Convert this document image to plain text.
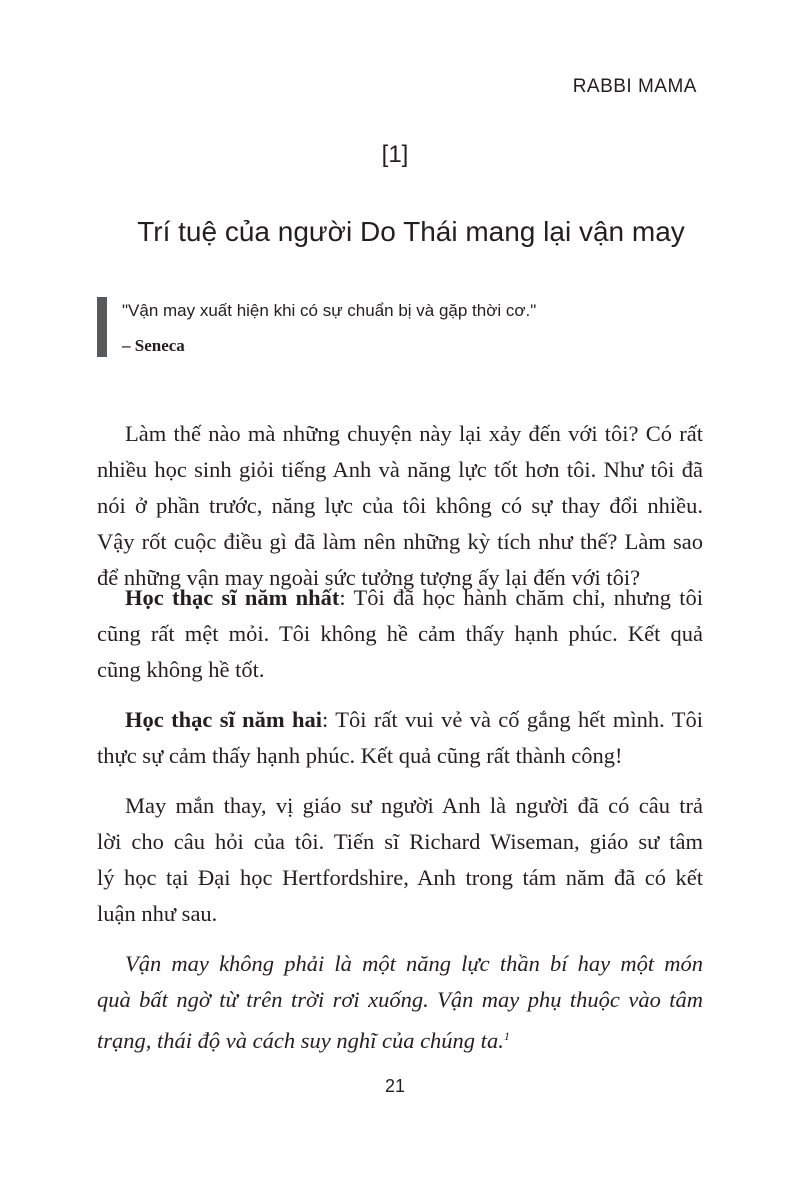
RABBI MAMA
[1]
Trí tuệ của người Do Thái mang lại vận may
"Vận may xuất hiện khi có sự chuẩn bị và gặp thời cơ."
– Seneca
Làm thế nào mà những chuyện này lại xảy đến với tôi? Có rất
nhiều học sinh giỏi tiếng Anh và năng lực tốt hơn tôi. Như tôi đã
nói ở phần trước, năng lực của tôi không có sự thay đổi nhiều.
Vậy rốt cuộc điều gì đã làm nên những kỳ tích như thế? Làm sao
để những vận may ngoài sức tưởng tượng ấy lại đến với tôi?
Học thạc sĩ năm nhất: Tôi đã học hành chăm chỉ, nhưng tôi
cũng rất mệt mỏi. Tôi không hề cảm thấy hạnh phúc. Kết quả
cũng không hề tốt.
Học thạc sĩ năm hai: Tôi rất vui vẻ và cố gắng hết mình. Tôi
thực sự cảm thấy hạnh phúc. Kết quả cũng rất thành công!
May mắn thay, vị giáo sư người Anh là người đã có câu trả
lời cho câu hỏi của tôi. Tiến sĩ Richard Wiseman, giáo sư tâm
lý học tại Đại học Hertfordshire, Anh trong tám năm đã có kết
luận như sau.
Vận may không phải là một năng lực thần bí hay một món
quà bất ngờ từ trên trời rơi xuống. Vận may phụ thuộc vào tâm
trạng, thái độ và cách suy nghĩ của chúng ta.$^1$
21
